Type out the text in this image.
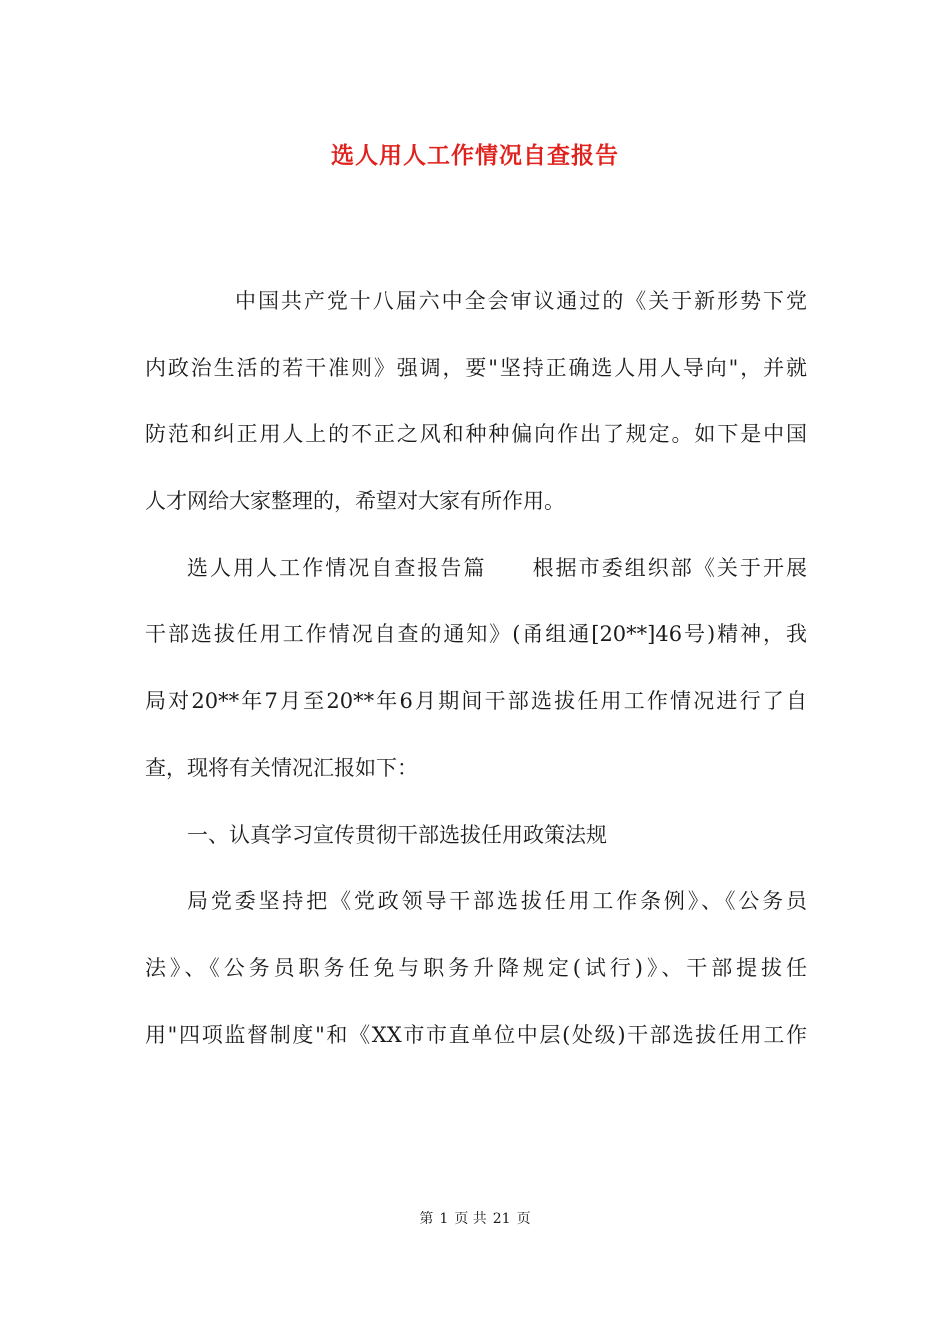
选人用人工作情况自查报告
中国共产党十八届六中全会审议通过的《关于新形势下党
内政治生活的若干准则》强调，要"坚持正确选人用人导向"，并就
防范和纠正用人上的不正之风和种种偏向作出了规定。如下是中国
人才网给大家整理的，希望对大家有所作用。
选人用人工作情况自查报告篇　　根据市委组织部《关于开展
干部选拔任用工作情况自查的通知》(甬组通[20**]46号)精神，我
局对20**年7月至20**年6月期间干部选拔任用工作情况进行了自
查，现将有关情况汇报如下：
一、认真学习宣传贯彻干部选拔任用政策法规
局党委坚持把《党政领导干部选拔任用工作条例》、《公务员
法》、《公务员职务任免与职务升降规定(试行)》、干部提拔任
用"四项监督制度"和《XX市市直单位中层(处级)干部选拔任用工作
第 1 页 共 21 页
